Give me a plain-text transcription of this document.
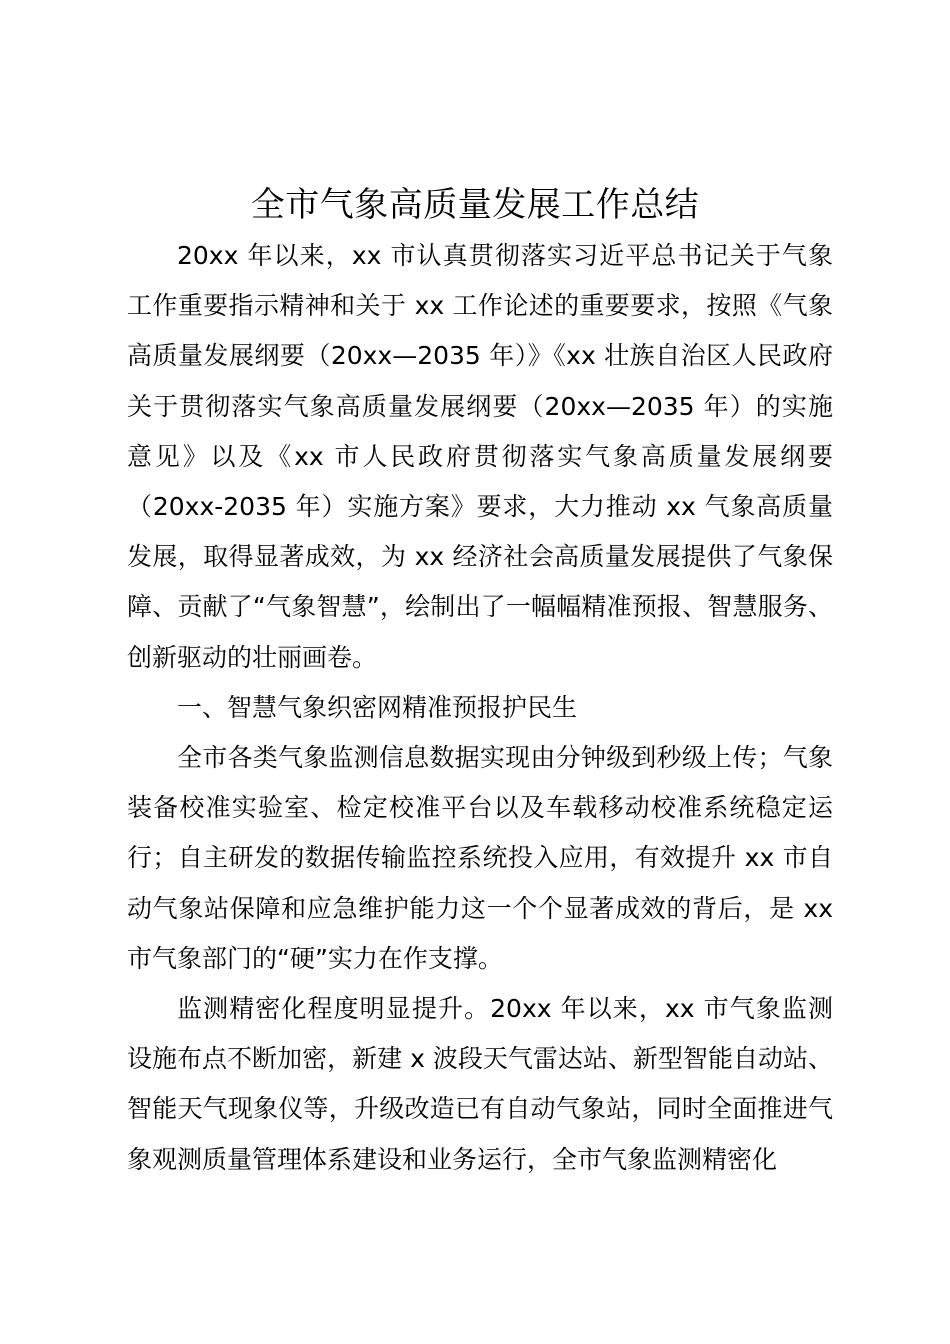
全市气象高质量发展工作总结

20xx 年以来，xx 市认真贯彻落实习近平总书记关于气象工作重要指示精神和关于 xx 工作论述的重要要求，按照《气象高质量发展纲要（20xx—2035 年）》《xx 壮族自治区人民政府关于贯彻落实气象高质量发展纲要（20xx—2035 年）的实施意见》以及《xx 市人民政府贯彻落实气象高质量发展纲要（20xx-2035 年）实施方案》要求，大力推动 xx 气象高质量发展，取得显著成效，为 xx 经济社会高质量发展提供了气象保障、贡献了“气象智慧”，绘制出了一幅幅精准预报、智慧服务、创新驱动的壮丽画卷。

一、智慧气象织密网精准预报护民生

全市各类气象监测信息数据实现由分钟级到秒级上传；气象装备校准实验室、检定校准平台以及车载移动校准系统稳定运行；自主研发的数据传输监控系统投入应用，有效提升 xx 市自动气象站保障和应急维护能力这一个个显著成效的背后，是 xx 市气象部门的“硬”实力在作支撑。

监测精密化程度明显提升。20xx 年以来，xx 市气象监测设施布点不断加密，新建 x 波段天气雷达站、新型智能自动站、智能天气现象仪等，升级改造已有自动气象站，同时全面推进气象观测质量管理体系建设和业务运行，全市气象监测精密化
